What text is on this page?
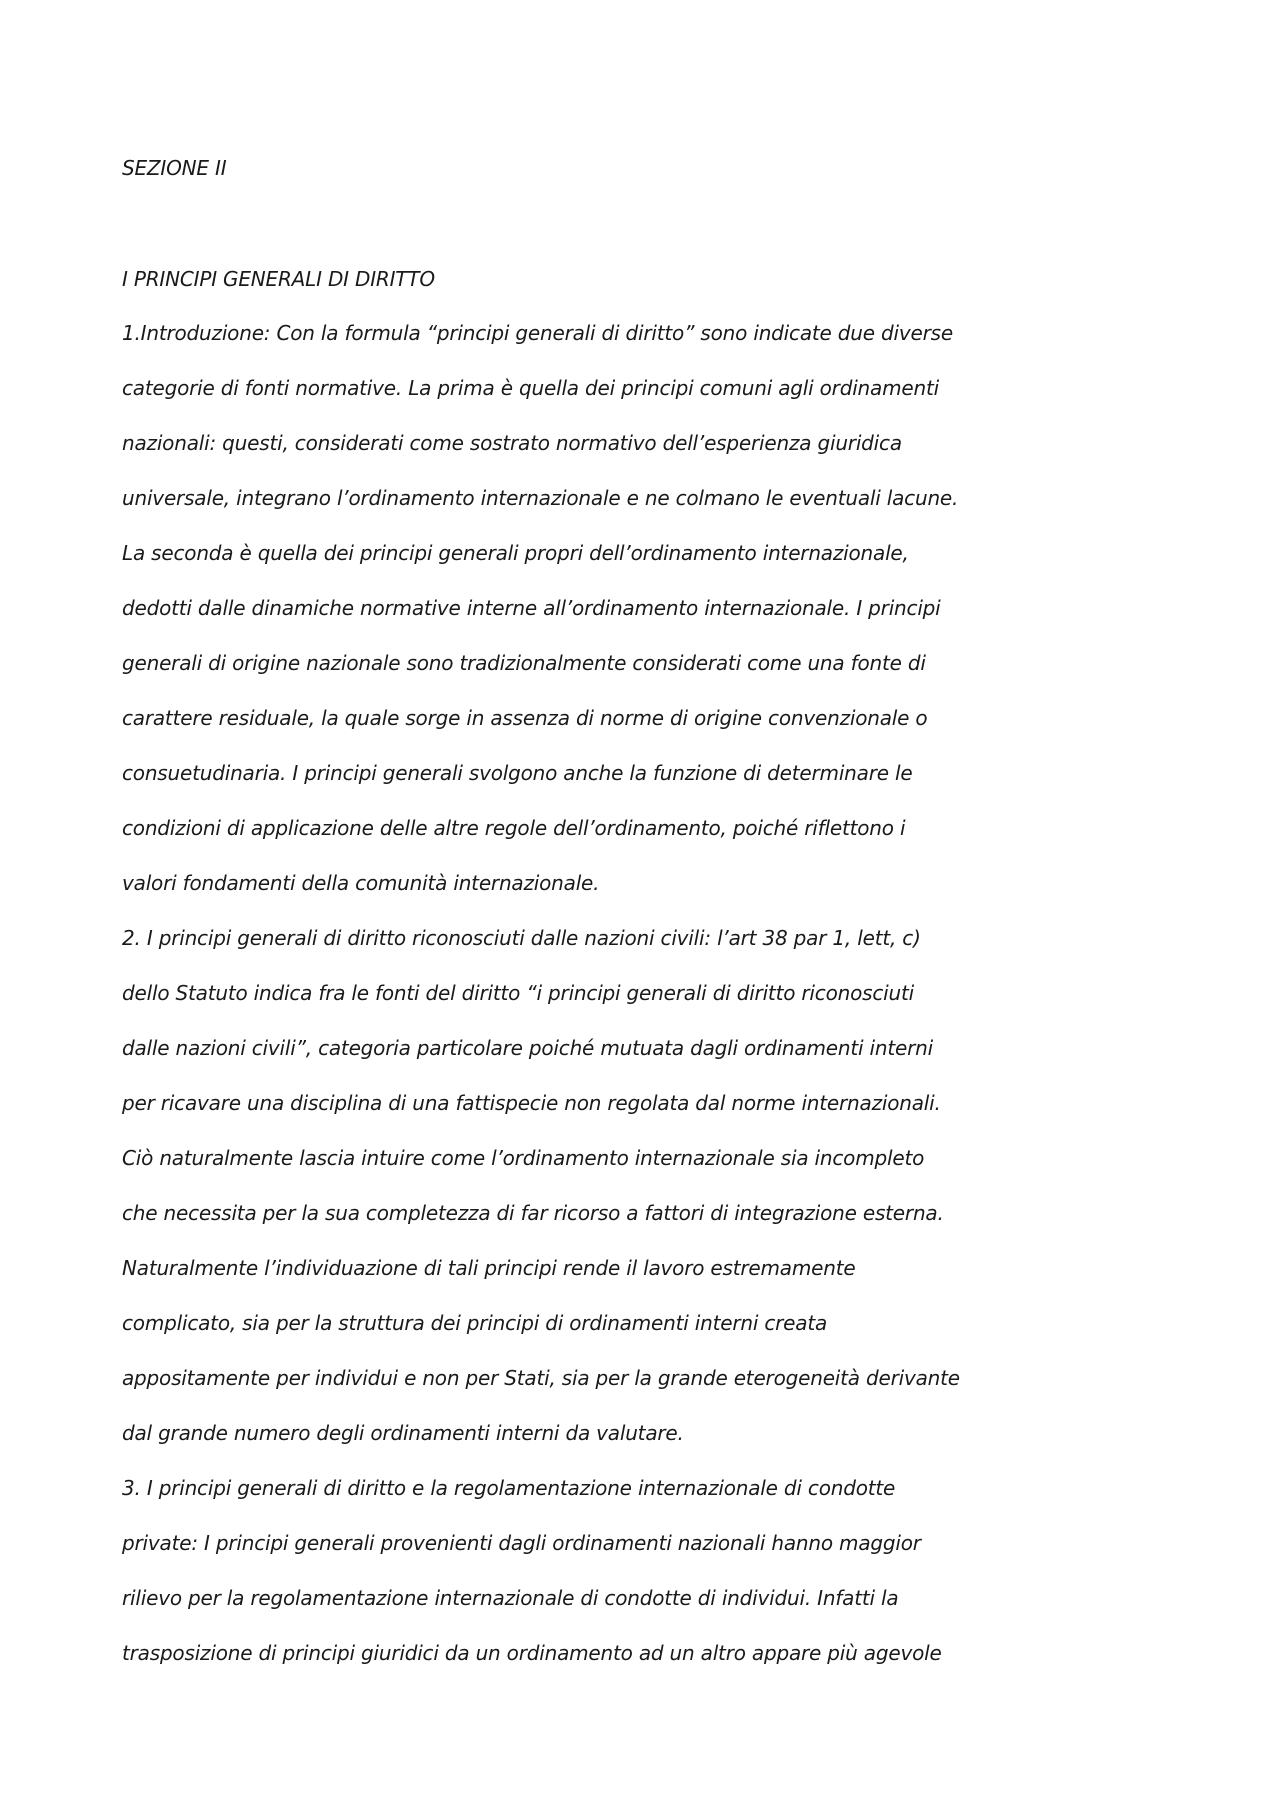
SEZIONE II
I PRINCIPI GENERALI DI DIRITTO
1.Introduzione: Con la formula “principi generali di diritto” sono indicate due diverse
categorie di fonti normative. La prima è quella dei principi comuni agli ordinamenti
nazionali: questi, considerati come sostrato normativo dell’esperienza giuridica
universale, integrano l’ordinamento internazionale e ne colmano le eventuali lacune.
La seconda è quella dei principi generali propri dell’ordinamento internazionale,
dedotti dalle dinamiche normative interne all’ordinamento internazionale. I principi
generali di origine nazionale sono tradizionalmente considerati come una fonte di
carattere residuale, la quale sorge in assenza di norme di origine convenzionale o
consuetudinaria. I principi generali svolgono anche la funzione di determinare le
condizioni di applicazione delle altre regole dell’ordinamento, poiché riflettono i
valori fondamenti della comunità internazionale.
2. I principi generali di diritto riconosciuti dalle nazioni civili: l’art 38 par 1, lett, c)
dello Statuto indica fra le fonti del diritto “i principi generali di diritto riconosciuti
dalle nazioni civili”, categoria particolare poiché mutuata dagli ordinamenti interni
per ricavare una disciplina di una fattispecie non regolata dal norme internazionali.
Ciò naturalmente lascia intuire come l’ordinamento internazionale sia incompleto
che necessita per la sua completezza di far ricorso a fattori di integrazione esterna.
Naturalmente l’individuazione di tali principi rende il lavoro estremamente
complicato, sia per la struttura dei principi di ordinamenti interni creata
appositamente per individui e non per Stati, sia per la grande eterogeneità derivante
dal grande numero degli ordinamenti interni da valutare.
3. I principi generali di diritto e la regolamentazione internazionale di condotte
private: I principi generali provenienti dagli ordinamenti nazionali hanno maggior
rilievo per la regolamentazione internazionale di condotte di individui. Infatti la
trasposizione di principi giuridici da un ordinamento ad un altro appare più agevole
